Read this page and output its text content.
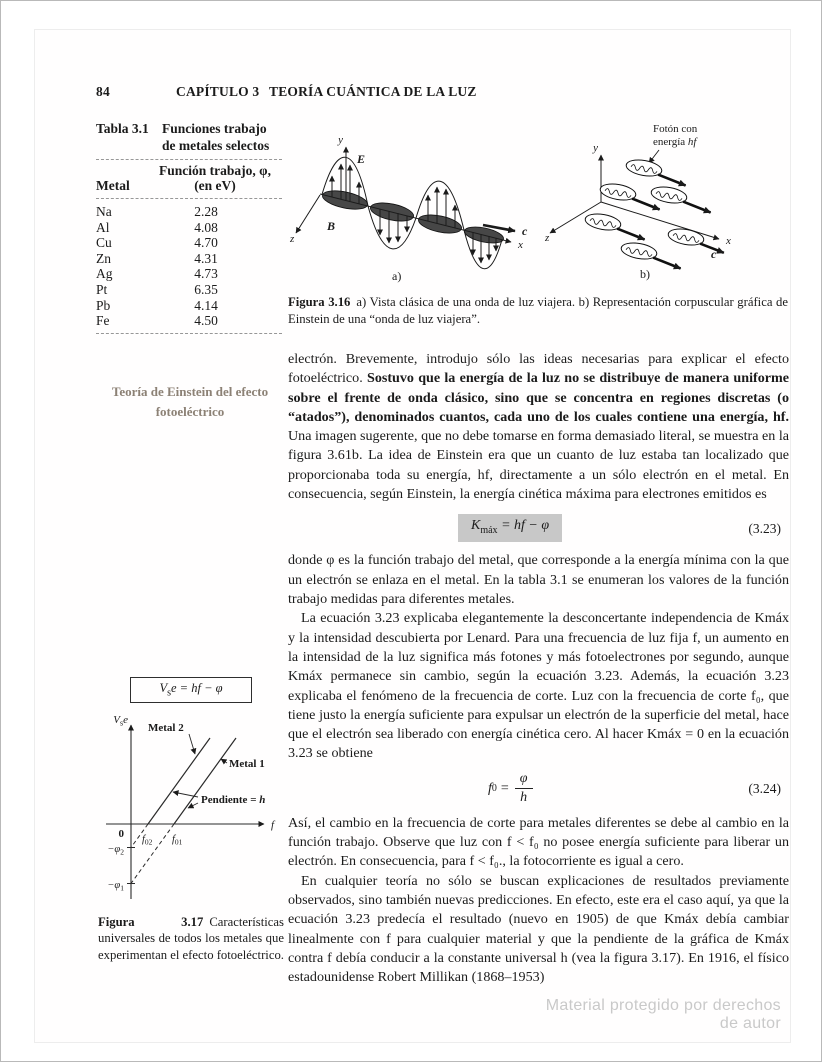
84	CAPÍTULO 3 TEORÍA CUÁNTICA DE LA LUZ
Tabla 3.1 Funciones trabajo de metales selectos
Metal
Función trabajo, φ,
(en eV)
Na	2.28
Al	4.08
Cu	4.70
Zn	4.31
Ag	4.73
Pt	6.35
Pb	4.14
Fe	4.50
y
E
B
z	x
c
a)
Fotón con
energía hf
y
z	x
c
b)

Figura 3.16 a) Vista clásica de una onda de luz viajera. b) Representación corpuscular gráfica de Einstein de una “onda de luz viajera”.

Teoría de Einstein del efecto fotoeléctrico

electrón. Brevemente, introdujo sólo las ideas necesarias para explicar el efecto fotoeléctrico. Sostuvo que la energía de la luz no se distribuye de manera uniforme sobre el frente de onda clásico, sino que se concentra en regiones discretas (o “atados”), denominados cuantos, cada uno de los cuales contiene una energía, hf. Una imagen sugerente, que no debe tomarse en forma demasiado literal, se muestra en la figura 3.61b. La idea de Einstein era que un cuanto de luz estaba tan localizado que proporcionaba toda su energía, hf, directamente a un sólo electrón en el metal. En consecuencia, según Einstein, la energía cinética máxima para electrones emitidos es

$K_{máx}$ = hf − φ	(3.23)

donde φ es la función trabajo del metal, que corresponde a la energía mínima con la que un electrón se enlaza en el metal. En la tabla 3.1 se enumeran los valores de la función trabajo medidas para diferentes metales.

La ecuación 3.23 explicaba elegantemente la desconcertante independencia de Kmáx y la intensidad descubierta por Lenard. Para una frecuencia de luz fija f, un aumento en la intensidad de la luz significa más fotones y más fotoelectrones por segundo, aunque Kmáx permanece sin cambio, según la ecuación 3.23. Además, la ecuación 3.23 explicaba el fenómeno de la frecuencia de corte. Luz con la frecuencia de corte f₀, que tiene justo la energía suficiente para expulsar un electrón de la superficie del metal, hace que el electrón sea liberado con energía cinética cero. Al hacer Kmáx = 0 en la ecuación 3.23 se obtiene

f $0 = \frac{\varphi}{h}$	(3.24)

Así, el cambio en la frecuencia de corte para metales diferentes se debe al cambio en la función trabajo. Observe que luz con f < f₀ no posee energía suficiente para liberar un electrón. En consecuencia, para f < f₀., la fotocorriente es igual a cero.

En cualquier teoría no sólo se buscan explicaciones de resultados previamente observados, sino también nuevas predicciones. En efecto, este era el caso aquí, ya que la ecuación 3.23 predecía el resultado (nuevo en 1905) de que Kmáx debía cambiar linealmente con f para cualquier material y que la pendiente de la gráfica de Kmáx contra f debía conducir a la constante universal h (vea la figura 3.17). En 1916, el físico estadounidense Robert Millikan (1868–1953)

$V_se$ = hf − φ
$V_se$
f
Metal 2
Metal 1
Pendiente = h
0 $f_{02}$ $f_{01}$
$-\varphi_2$
$-\varphi_1$

Figura 3.17 Características universales de todos los metales que experimentan el efecto fotoeléctrico.

Material protegido por derechos de autor
